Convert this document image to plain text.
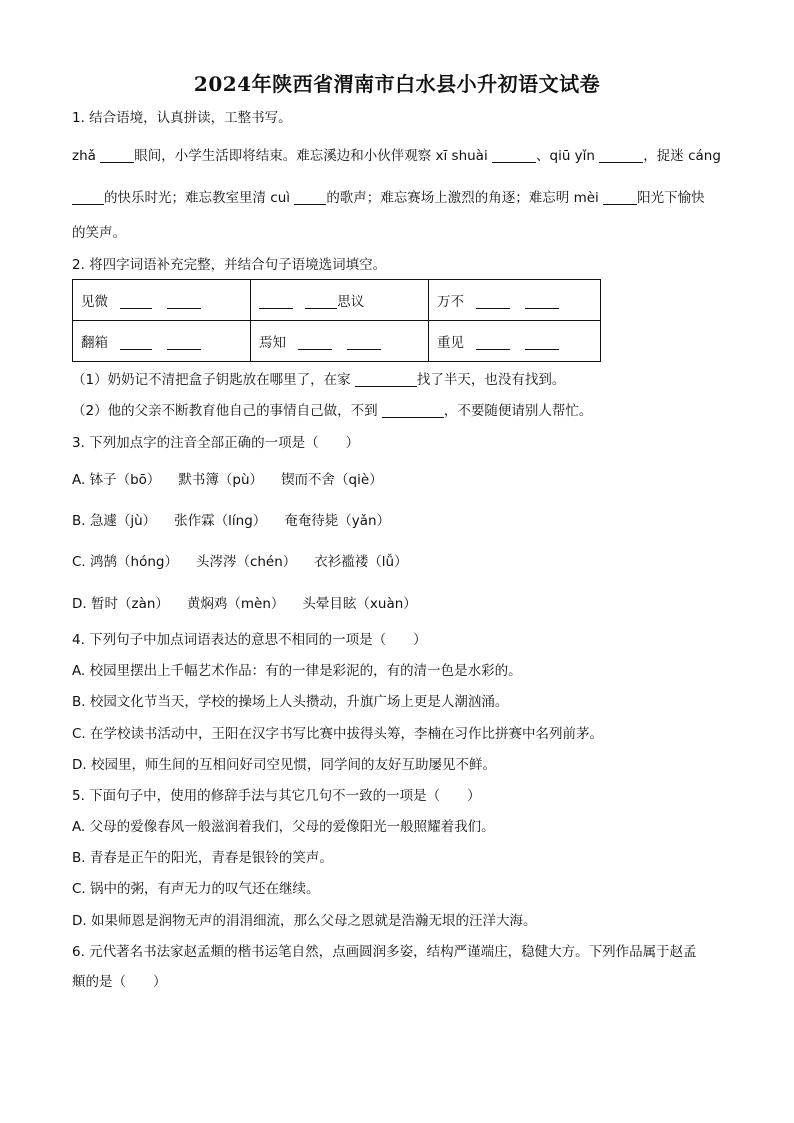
2024年陕西省渭南市白水县小升初语文试卷
1. 结合语境，认真拼读，工整书写。
zhǎ	眼间，小学生活即将结束。难忘溪边和小伙伴观察 xī shuài	、qiū yǐn	，捉迷 cáng
的快乐时光；难忘教室里清 cuì 的歌声；难忘赛场上激烈的角逐；难忘明 mèi	阳光下愉快
的笑声。
2. 将四字词语补充完整，并结合句子语境选词填空。
见微	思议	万不
翻箱	焉知	重见
（1）奶奶记不清把盒子钥匙放在哪里了，在家	找了半天，也没有找到。
（2）他的父亲不断教育他自己的事情自己做，不到	，不要随便请别人帮忙。
3. 下列加点字的注音全部正确的一项是（　　）
A. 钵子（bō） 默书簿（pù） 锲而不舍（qiè）
B. 急遽（jù） 张作霖（líng） 奄奄待毙（yǎn）
C. 鸿鹄（hóng） 头涔涔（chén） 衣衫褴褛（lǚ）
D. 暂时（zàn） 黄焖鸡（mèn） 头晕目眩（xuàn）
4. 下列句子中加点词语表达的意思不相同的一项是（　　）
A. 校园里摆出上千幅艺术作品：有的一律是彩泥的，有的清一色是水彩的。
B. 校园文化节当天，学校的操场上人头攒动，升旗广场上更是人潮汹涌。
C. 在学校读书活动中，王阳在汉字书写比赛中拔得头筹，李楠在习作比拼赛中名列前茅。
D. 校园里，师生间的互相问好司空见惯，同学间的友好互助屡见不鲜。
5. 下面句子中，使用的修辞手法与其它几句不一致的一项是（　　）
A. 父母的爱像春风一般滋润着我们，父母的爱像阳光一般照耀着我们。
B. 青春是正午的阳光，青春是银铃的笑声。
C. 锅中的粥，有声无力的叹气还在继续。
D. 如果师恩是润物无声的涓涓细流，那么父母之恩就是浩瀚无垠的汪洋大海。
6. 元代著名书法家赵孟頫的楷书运笔自然，点画圆润多姿，结构严谨端庄，稳健大方。下列作品属于赵孟
頫的是（　　）
